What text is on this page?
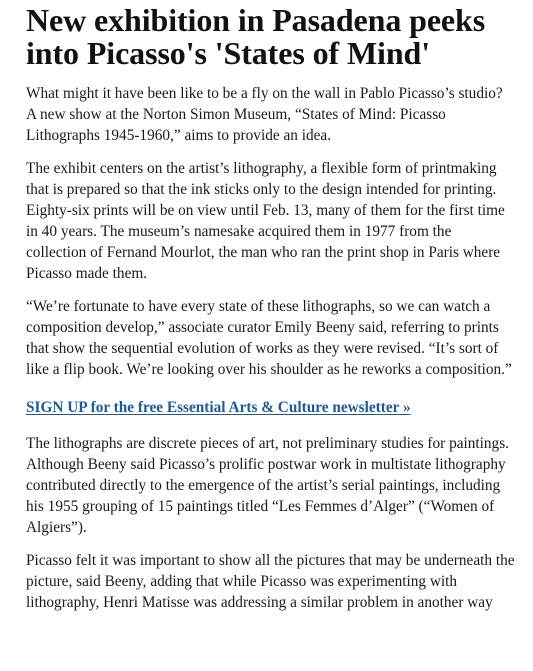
New exhibition in Pasadena peeks into Picasso's 'States of Mind'

What might it have been like to be a fly on the wall in Pablo Picasso’s studio? A new show at the Norton Simon Museum, “States of Mind: Picasso Lithographs 1945-1960,” aims to provide an idea.

The exhibit centers on the artist’s lithography, a flexible form of printmaking that is prepared so that the ink sticks only to the design intended for printing. Eighty-six prints will be on view until Feb. 13, many of them for the first time in 40 years. The museum’s namesake acquired them in 1977 from the collection of Fernand Mourlot, the man who ran the print shop in Paris where Picasso made them.

“We’re fortunate to have every state of these lithographs, so we can watch a composition develop,” associate curator Emily Beeny said, referring to prints that show the sequential evolution of works as they were revised. “It’s sort of like a flip book. We’re looking over his shoulder as he reworks a composition.”

SIGN UP for the free Essential Arts & Culture newsletter »

The lithographs are discrete pieces of art, not preliminary studies for paintings. Although Beeny said Picasso’s prolific postwar work in multistate lithography contributed directly to the emergence of the artist’s serial paintings, including his 1955 grouping of 15 paintings titled “Les Femmes d’Alger” (“Women of Algiers”).

Picasso felt it was important to show all the pictures that may be underneath the picture, said Beeny, adding that while Picasso was experimenting with lithography, Henri Matisse was addressing a similar problem in another way
